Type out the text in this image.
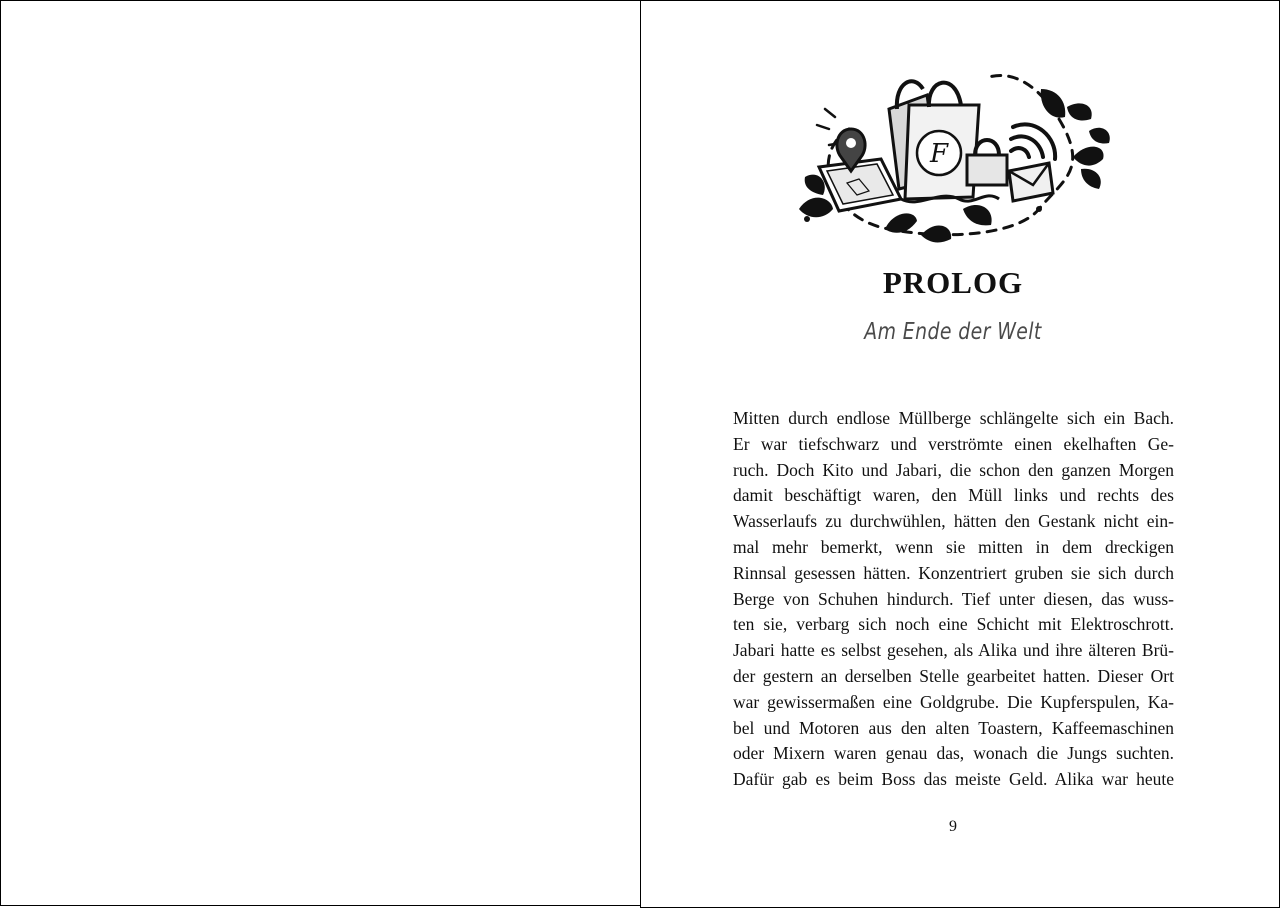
F
PROLOG
Am Ende der Welt
Mitten durch endlose Müllberge schlängelte sich ein Bach.
Er war tiefschwarz und verströmte einen ekelhaften Ge-
ruch. Doch Kito und Jabari, die schon den ganzen Morgen
damit beschäftigt waren, den Müll links und rechts des
Wasserlaufs zu durchwühlen, hätten den Gestank nicht ein-
mal mehr bemerkt, wenn sie mitten in dem dreckigen
Rinnsal gesessen hätten. Konzentriert gruben sie sich durch
Berge von Schuhen hindurch. Tief unter diesen, das wuss-
ten sie, verbarg sich noch eine Schicht mit Elektroschrott.
Jabari hatte es selbst gesehen, als Alika und ihre älteren Brü-
der gestern an derselben Stelle gearbeitet hatten. Dieser Ort
war gewissermaßen eine Goldgrube. Die Kupferspulen, Ka-
bel und Motoren aus den alten Toastern, Kaffeemaschinen
oder Mixern waren genau das, wonach die Jungs suchten.
Dafür gab es beim Boss das meiste Geld. Alika war heute
9
